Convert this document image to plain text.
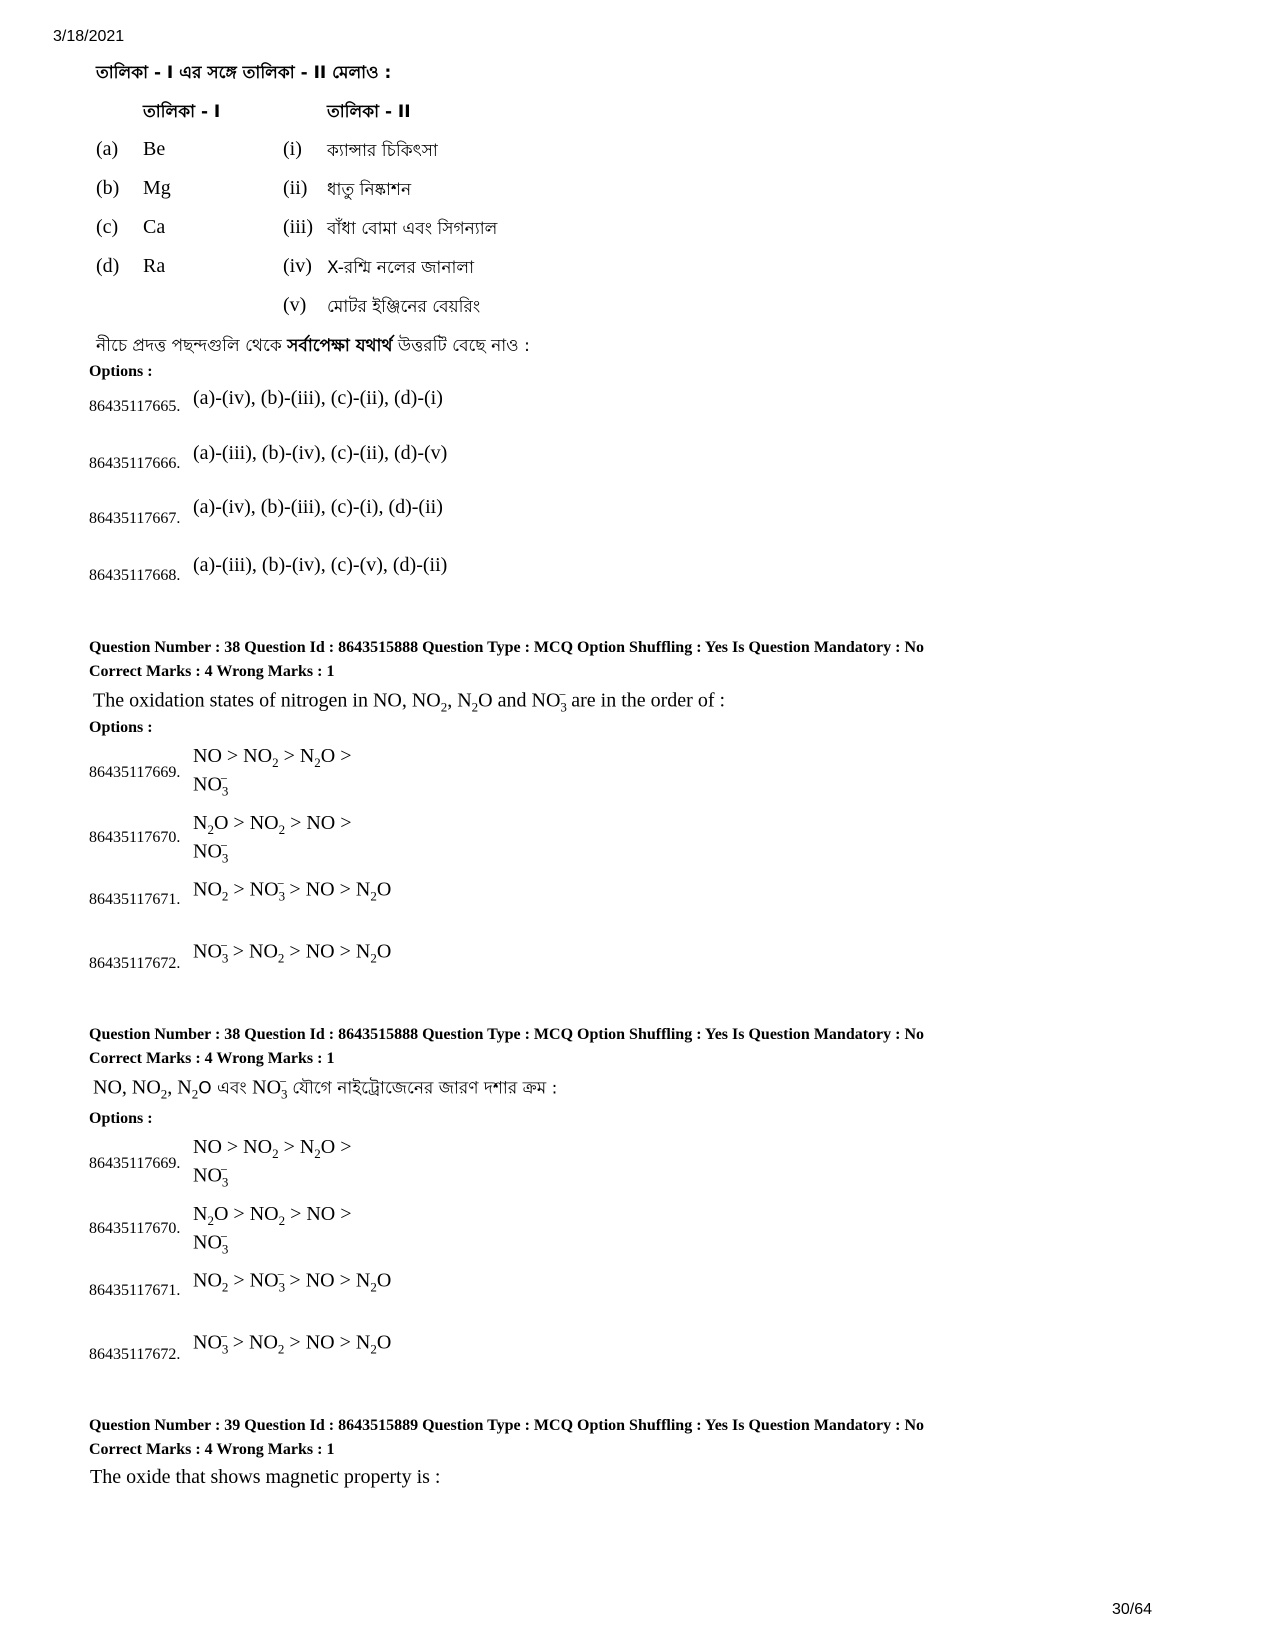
3/18/2021
30/64
তালিকা - I এর সঙ্গে তালিকা - II মেলাও :
তালিকা - I	তালিকা - II
(a) Be	(i) ক্যান্সার চিকিৎসা
(b) Mg	(ii) ধাতু নিষ্কাশন
(c) Ca	(iii) বাঁধা বোমা এবং সিগন্যাল
(d) Ra	(iv) X-রশ্মি নলের জানালা
(v) মোটর ইঞ্জিনের বেয়রিং
নীচে প্রদত্ত পছন্দগুলি থেকে সর্বাপেক্ষা যথার্থ উত্তরটি বেছে নাও :
Options :
86435117665. (a)-(iv), (b)-(iii), (c)-(ii), (d)-(i)
86435117666. (a)-(iii), (b)-(iv), (c)-(ii), (d)-(v)
86435117667.
(a)-(iv), (b)-(iii), (c)-(i), (d)-(ii)
86435117668. (a)-(iii), (b)-(iv), (c)-(v), (d)-(ii)
Question Number : 38 Question Id : 8643515888 Question Type : MCQ Option Shuffling : Yes Is Question Mandatory : No
Correct Marks : 4 Wrong Marks : 1
The oxidation states of nitrogen in NO, $NO_2$, $N_2O$ and $NO_3^-$ are in the order of :
Options :
86435117669.
NO > $NO_2 > N_2O > NO_3^-$
86435117670.
$N_2O > NO_2$ > NO > $NO_3^-$
86435117671. $NO_2 > NO_3^-$ > NO > $N_2O$
86435117672.
$NO_3^- > NO_2$ > NO > $N_2O$
Question Number : 38 Question Id : 8643515888 Question Type : MCQ Option Shuffling : Yes Is Question Mandatory : No
Correct Marks : 4 Wrong Marks : 1
NO, $NO_2$, $N_2O$ এবং $NO_3^-$ যৌগে নাইট্রোজেনের জারণ দশার ক্রম :
Options :
86435117669.
NO > $NO_2 > N_2O > NO_3^-$
86435117670.
$N_2O > NO_2$ > NO > $NO_3^-$
86435117671. $NO_2 > NO_3^-$ > NO > $N_2O$
86435117672.
$NO_3^- > NO_2$ > NO > $N_2O$
Question Number : 39 Question Id : 8643515889 Question Type : MCQ Option Shuffling : Yes Is Question Mandatory : No
Correct Marks : 4 Wrong Marks : 1
The oxide that shows magnetic property is :
